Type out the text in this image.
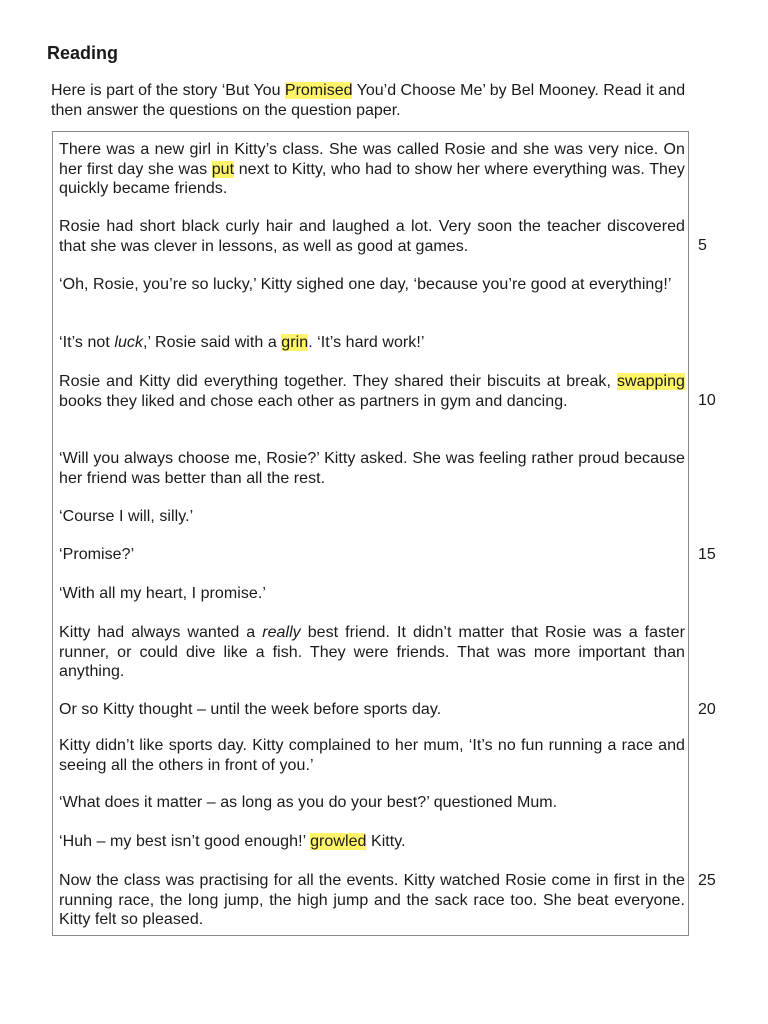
Reading

Here is part of the story ‘But You Promised You’d Choose Me’ by Bel Mooney. Read it and then answer the questions on the question paper.

There was a new girl in Kitty’s class. She was called Rosie and she was very nice. On her first day she was put next to Kitty, who had to show her where everything was. They quickly became friends.

Rosie had short black curly hair and laughed a lot. Very soon the teacher discovered that she was clever in lessons, as well as good at games.

‘Oh, Rosie, you’re so lucky,’ Kitty sighed one day, ‘because you’re good at everything!’

‘It’s not luck,’ Rosie said with a grin. ‘It’s hard work!’

Rosie and Kitty did everything together. They shared their biscuits at break, swapping books they liked and chose each other as partners in gym and dancing.

‘Will you always choose me, Rosie?’ Kitty asked. She was feeling rather proud because her friend was better than all the rest.

‘Course I will, silly.’

‘Promise?’

‘With all my heart, I promise.’

Kitty had always wanted a really best friend. It didn’t matter that Rosie was a faster runner, or could dive like a fish. They were friends. That was more important than anything.

Or so Kitty thought – until the week before sports day.

Kitty didn’t like sports day. Kitty complained to her mum, ‘It’s no fun running a race and seeing all the others in front of you.’

‘What does it matter – as long as you do your best?’ questioned Mum.

‘Huh – my best isn’t good enough!’ growled Kitty.

Now the class was practising for all the events. Kitty watched Rosie come in first in the running race, the long jump, the high jump and the sack race too. She beat everyone. Kitty felt so pleased.

5
10
15
20
25
